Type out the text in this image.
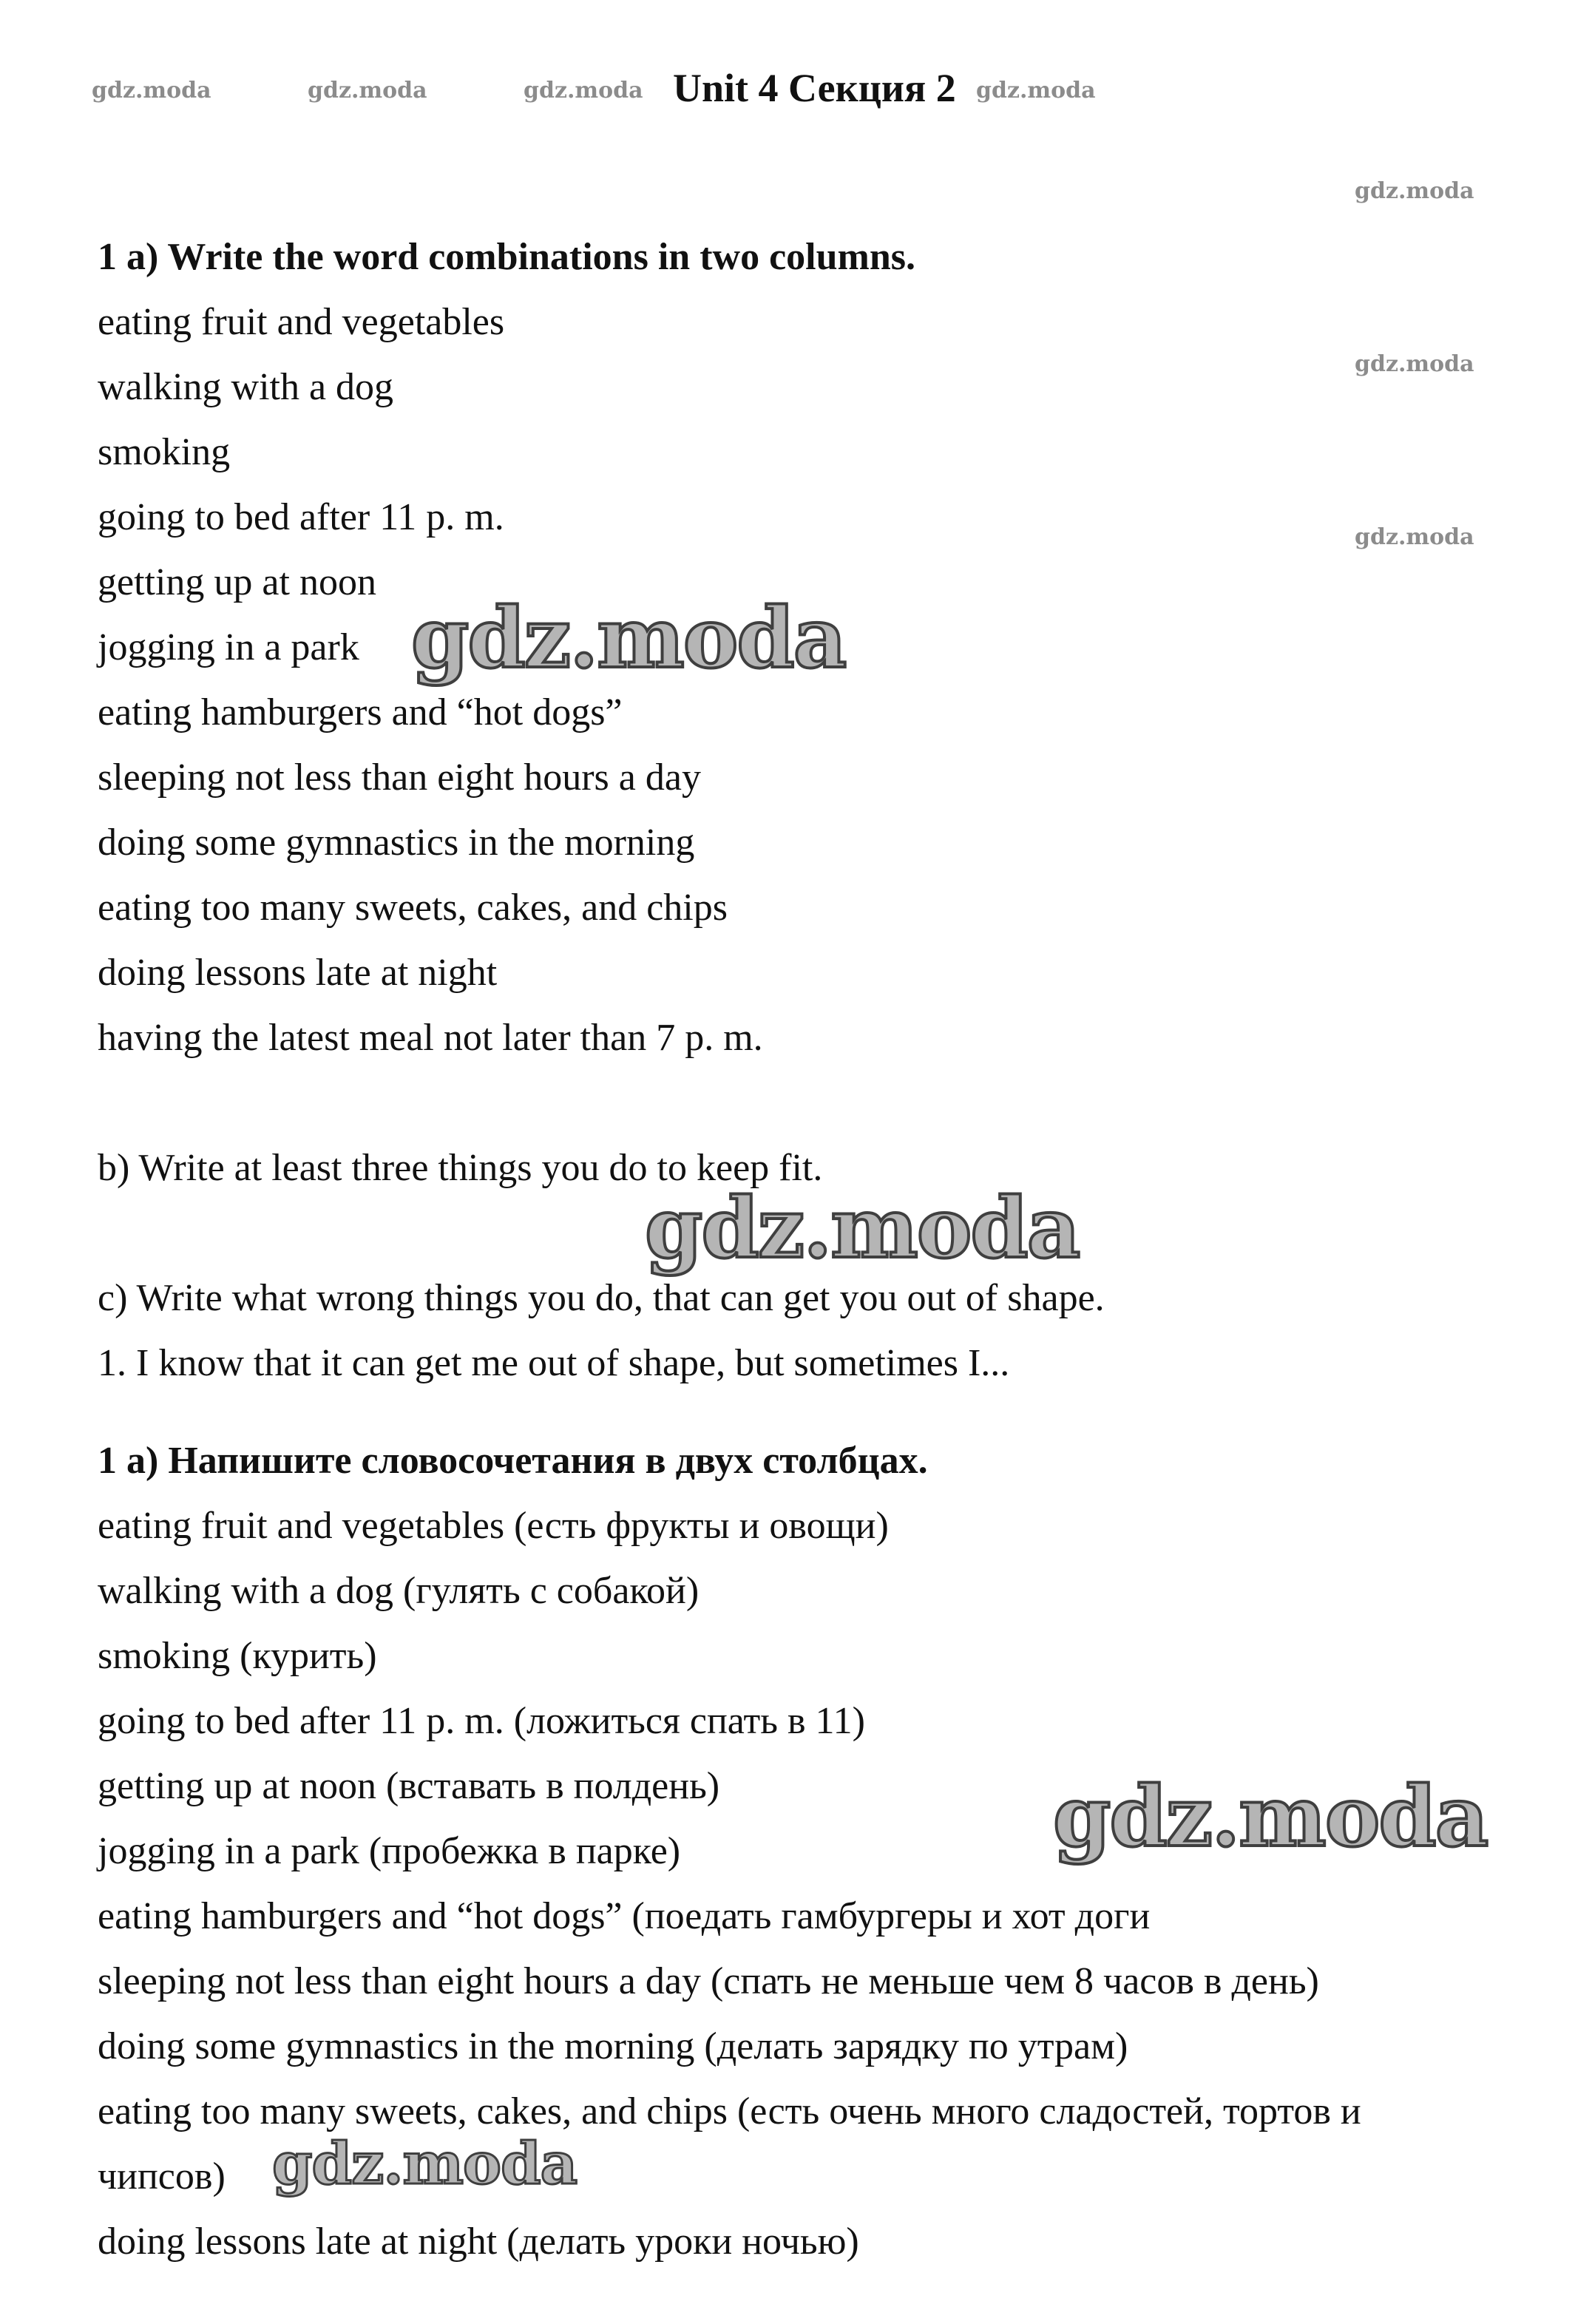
gdz.moda	gdz.moda	gdz.moda	gdz.moda
gdz.moda
gdz.moda
gdz.moda
Unit 4 Секция 2
1 a) Write the word combinations in two columns.
eating fruit and vegetables
walking with a dog
smoking
going to bed after 11 p. m.
getting up at noon
jogging in a park
eating hamburgers and “hot dogs”
sleeping not less than eight hours a day
doing some gymnastics in the morning
eating too many sweets, cakes, and chips
doing lessons late at night
having the latest meal not later than 7 p. m.
b) Write at least three things you do to keep fit.
c) Write what wrong things you do, that can get you out of shape.
1. I know that it can get me out of shape, but sometimes I...
1 а) Напишите словосочетания в двух столбцах.
eating fruit and vegetables (есть фрукты и овощи)
walking with a dog (гулять с собакой)
smoking (курить)
going to bed after 11 p. m. (ложиться спать в 11)
getting up at noon (вставать в полдень)
jogging in a park (пробежка в парке)
eating hamburgers and “hot dogs” (поедать гамбургеры и хот доги
sleeping not less than eight hours a day (спать не меньше чем 8 часов в день)
doing some gymnastics in the morning (делать зарядку по утрам)
eating too many sweets, cakes, and chips (есть очень много сладостей, тортов и
чипсов)
doing lessons late at night (делать уроки ночью)
gdz.moda
gdz.moda
gdz.moda
gdz.moda
